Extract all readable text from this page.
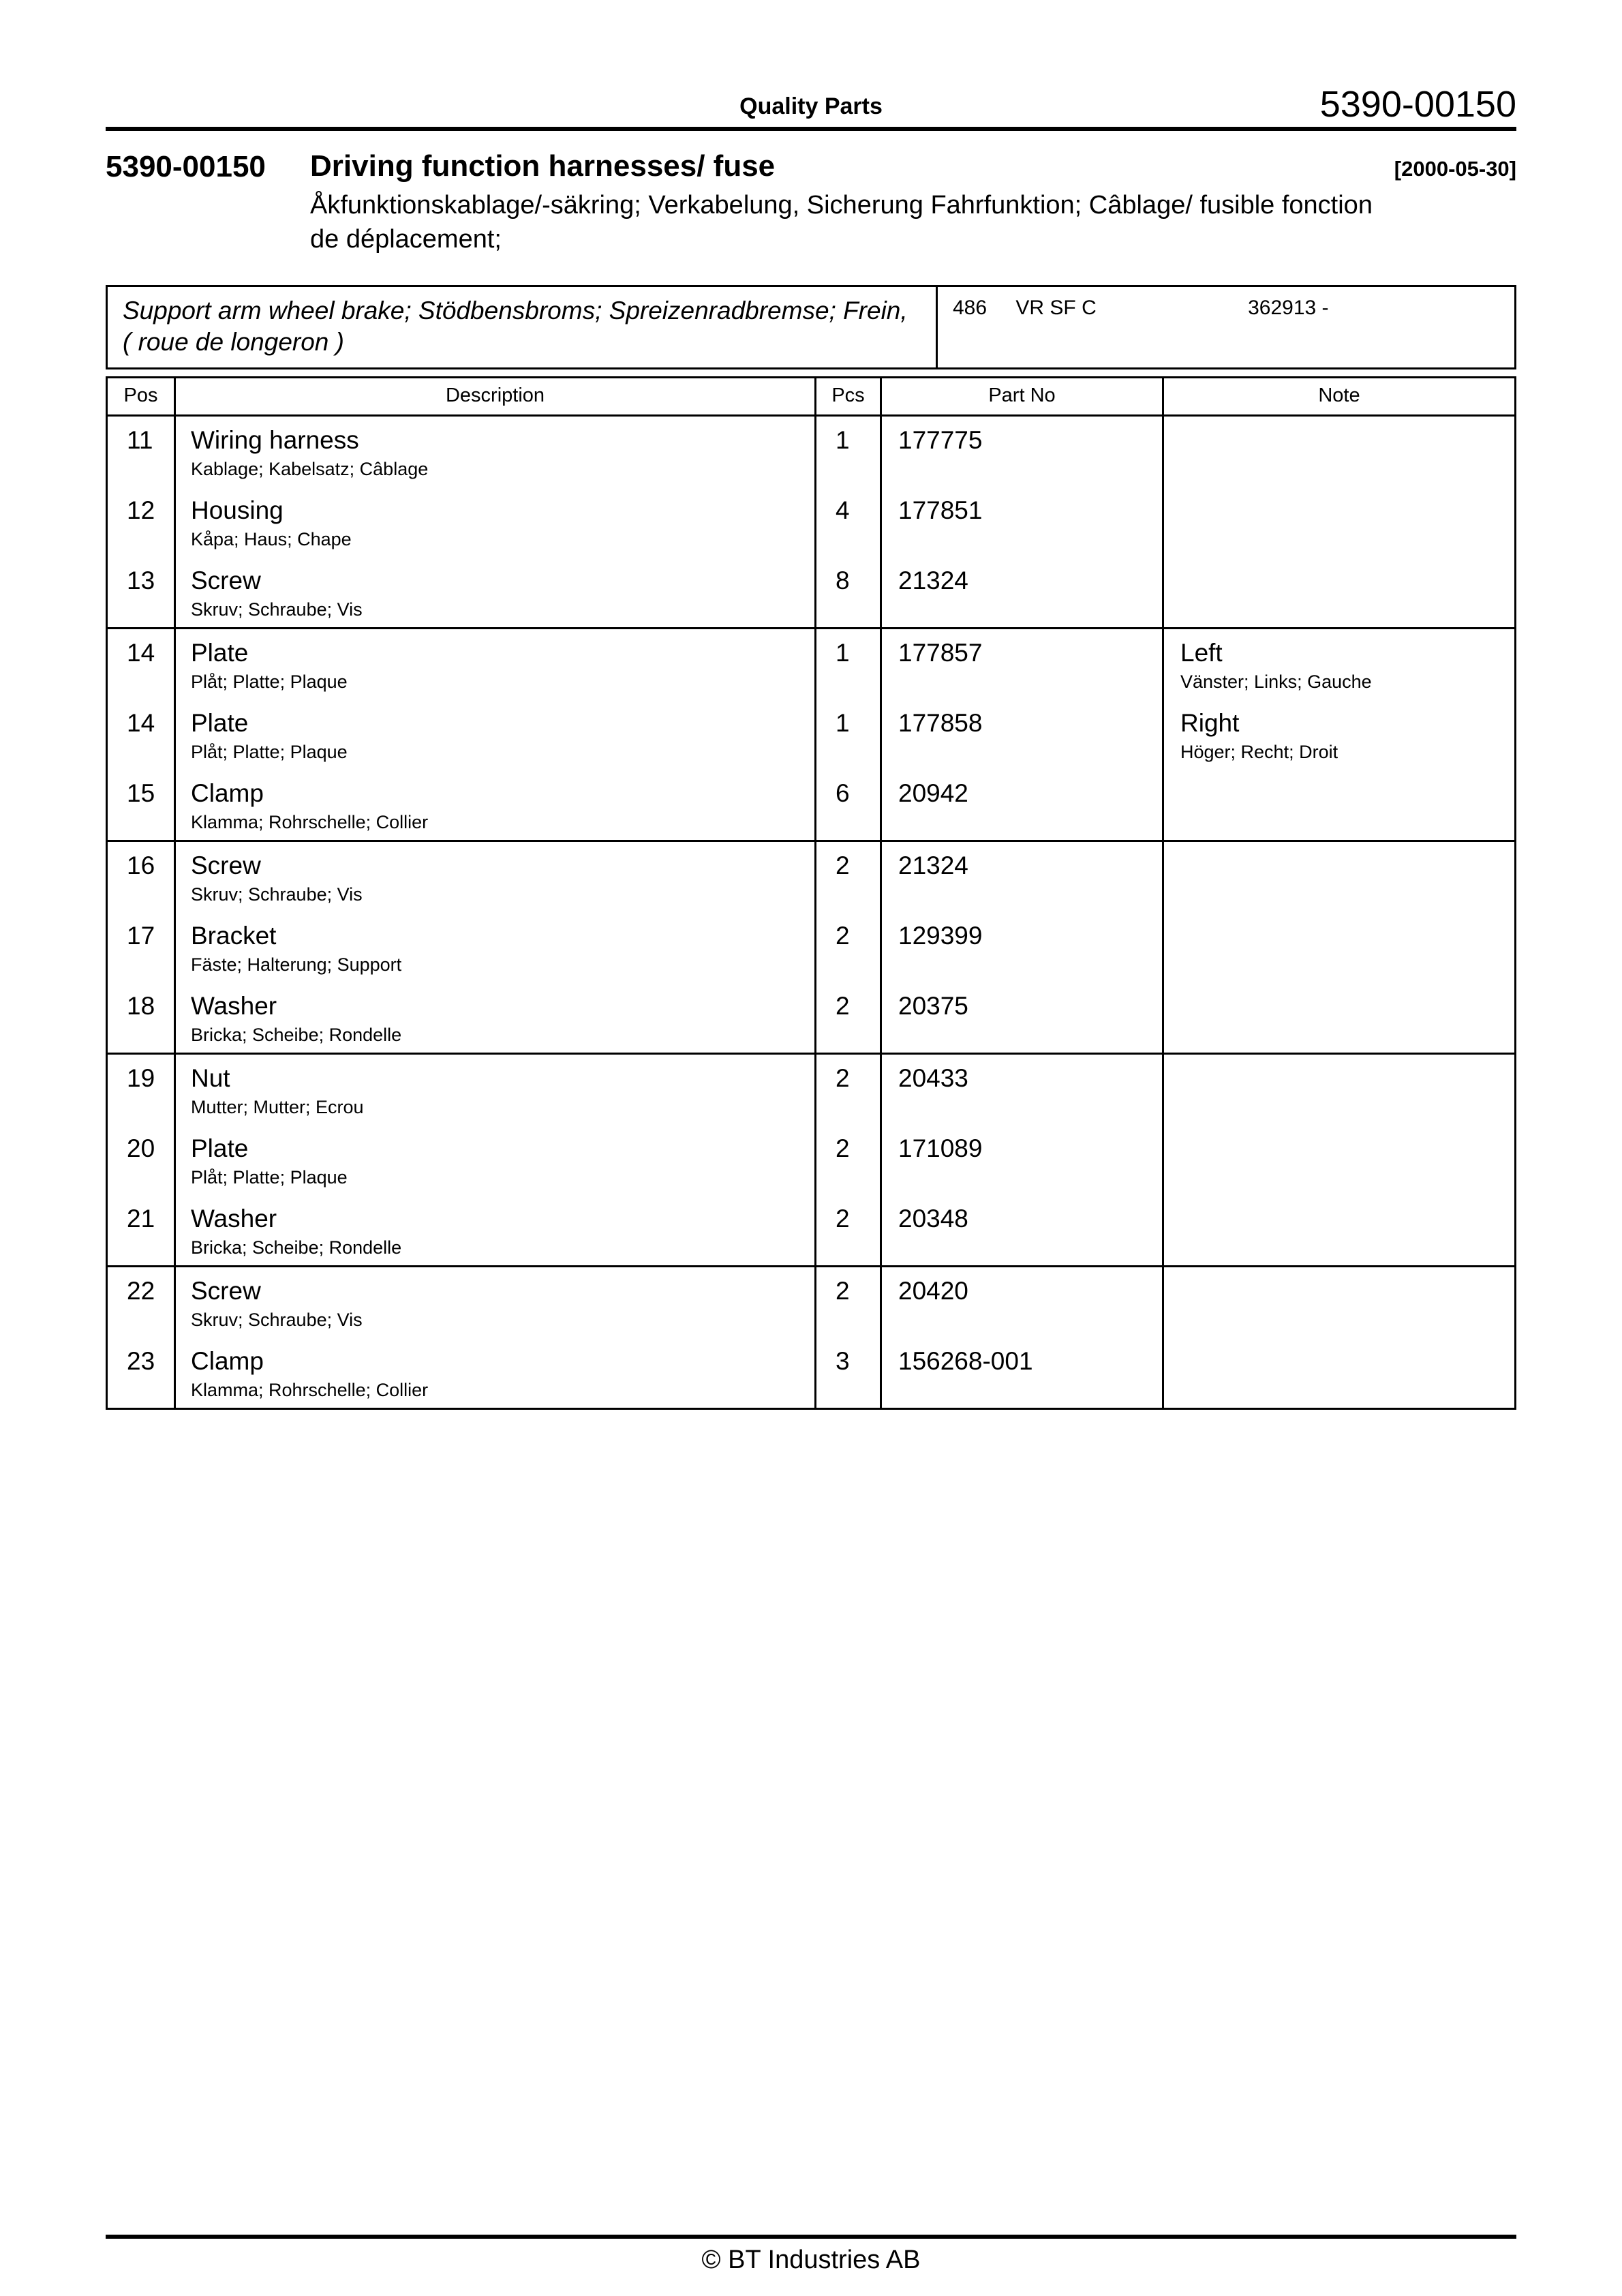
Quality Parts	5390-00150
5390-00150	Driving function harnesses/ fuse
Åkfunktionskablage/-säkring; Verkabelung, Sicherung Fahrfunktion; Câblage/ fusible fonction de déplacement;
[2000-05-30]
Support arm wheel brake; Stödbensbroms; Spreizenradbremse; Frein, ( roue de longeron )
486 VR SF C	362913 -
Pos	Description	Pcs	Part No	Note
11	Wiring harness
Kablage; Kabelsatz; Câblage	1	177775	

12	Housing
Kåpa; Haus; Chape	4	177851	

13	Screw
Skruv; Schraube; Vis	8	21324	

14	Plate
Plåt; Platte; Plaque
	1	177857	Left
Vänster; Links; Gauche

14	Plate
Plåt; Platte; Plaque
	1	177858	Right
Höger; Recht; Droit

15	Clamp
Klamma; Rohrschelle; Collier	6	20942	

16	Screw
Skruv; Schraube; Vis	2	21324	

17	Bracket
Fäste; Halterung; Support	2	129399	

18	Washer
Bricka; Scheibe; Rondelle	2	20375	

19	Nut
Mutter; Mutter; Ecrou	2	20433	

20	Plate
Plåt; Platte; Plaque	2	171089	

21	Washer
Bricka; Scheibe; Rondelle	2	20348	

22	Screw
Skruv; Schraube; Vis	2	20420	

23	Clamp
Klamma; Rohrschelle; Collier	3	156268-001	
© BT Industries AB
